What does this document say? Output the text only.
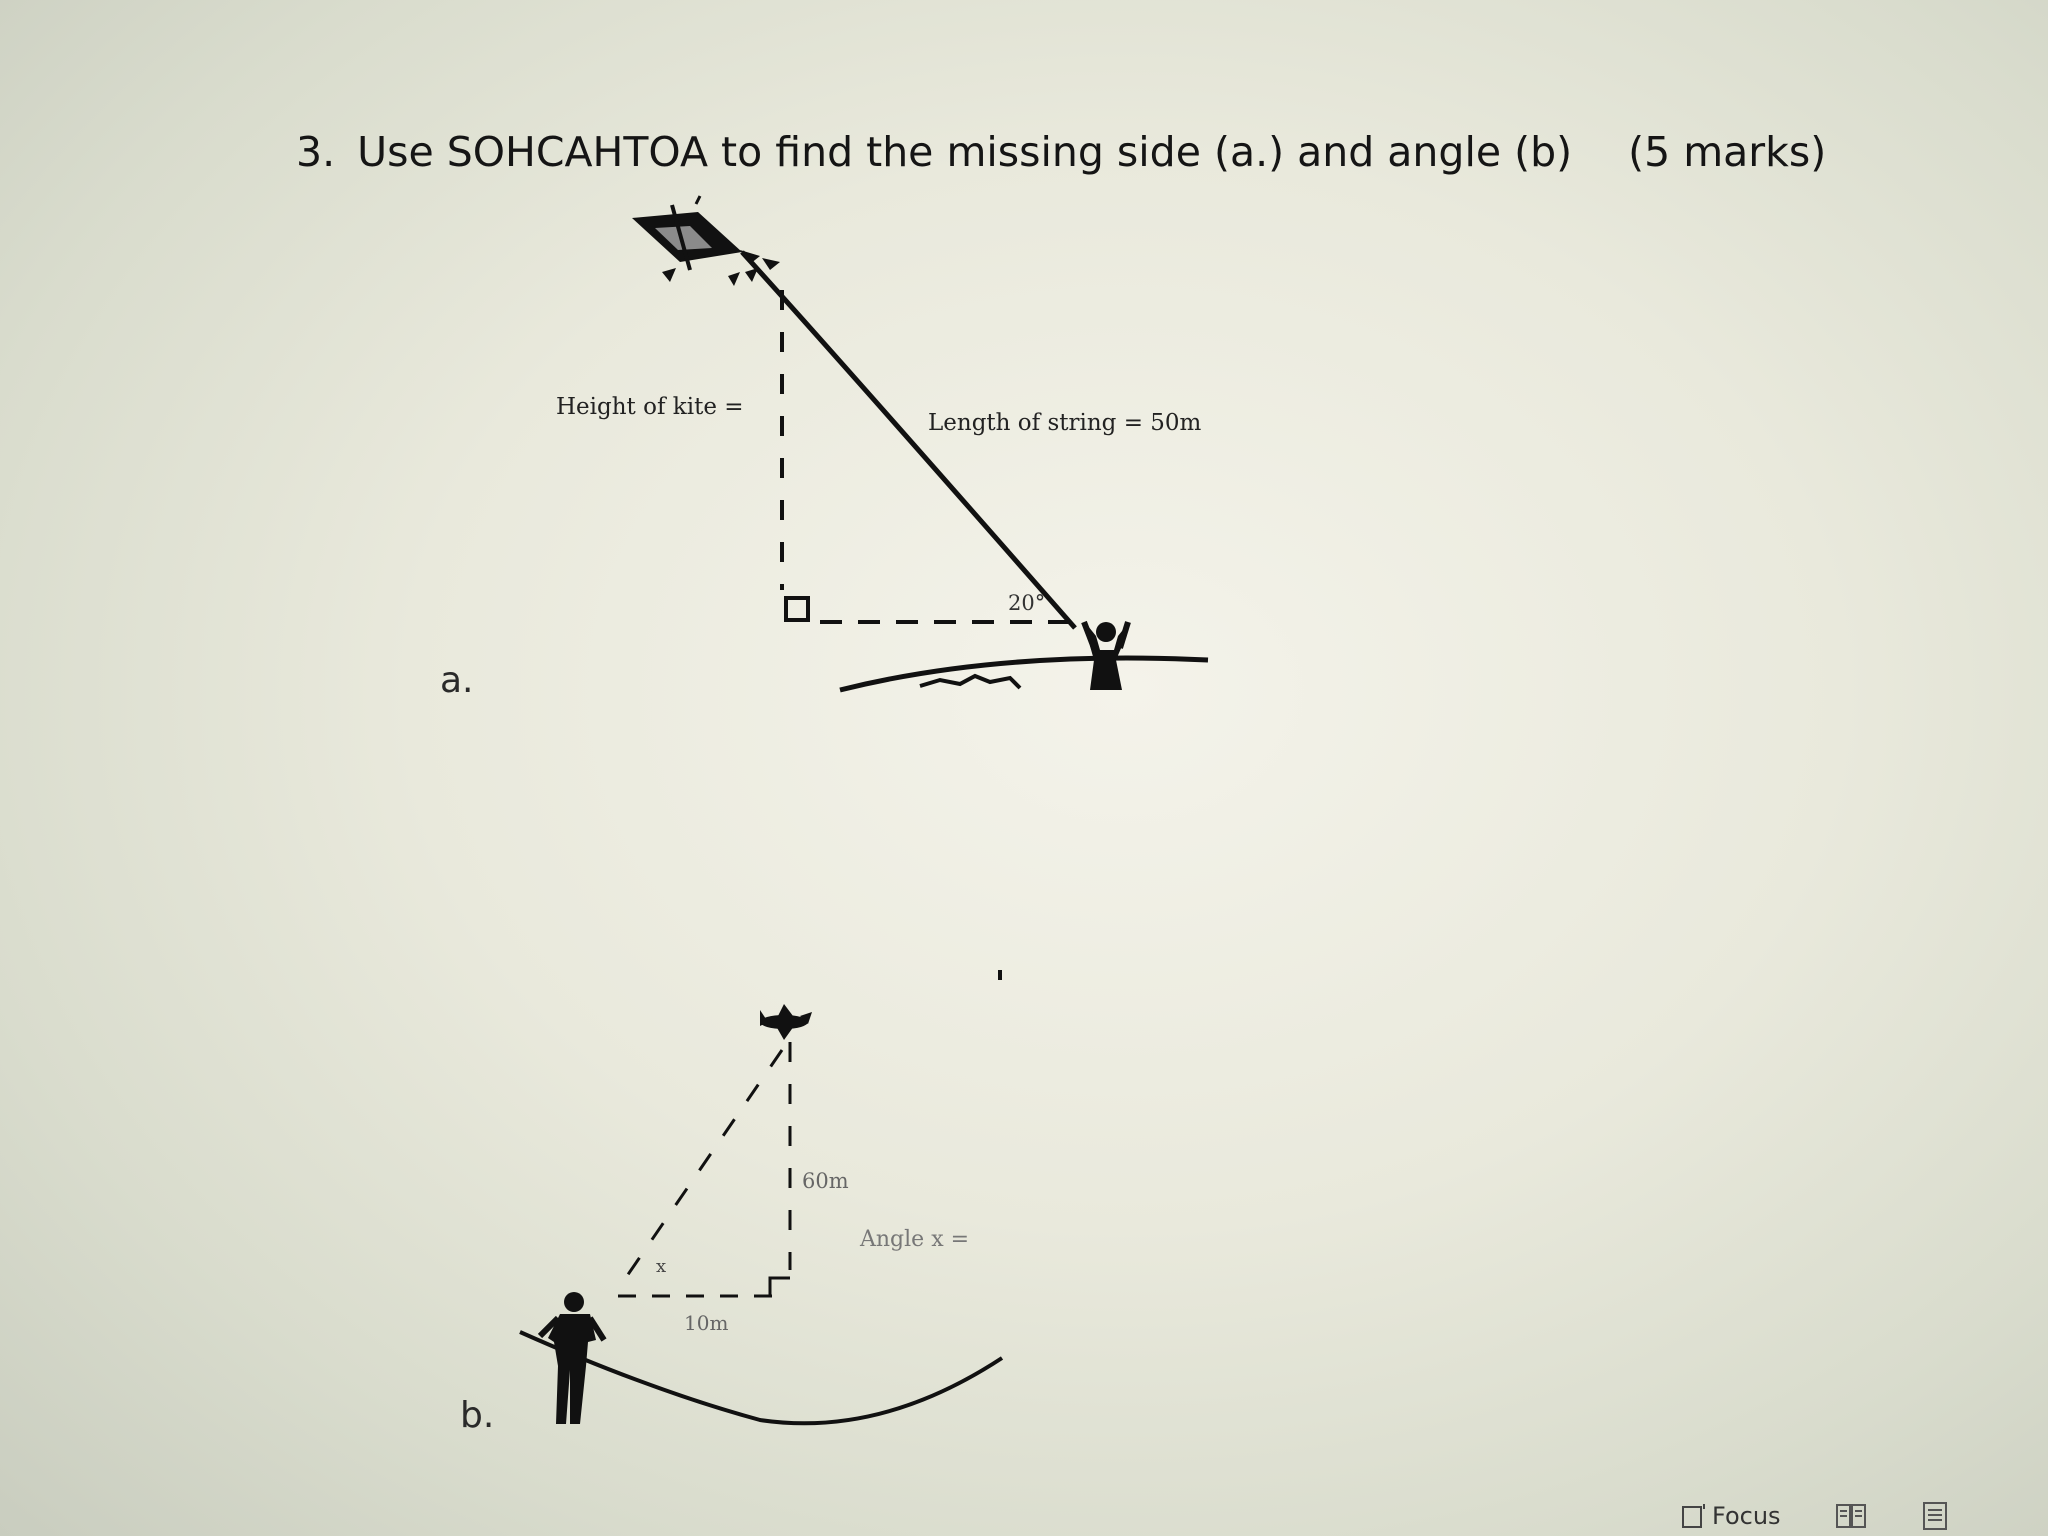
3. Use SOHCAHTOA to find the missing side (a.) and angle (b) (5 marks)
a.
b.
Height of kite =
Length of string = 50m
20°
60m
10m
x
Angle x =
Focus
